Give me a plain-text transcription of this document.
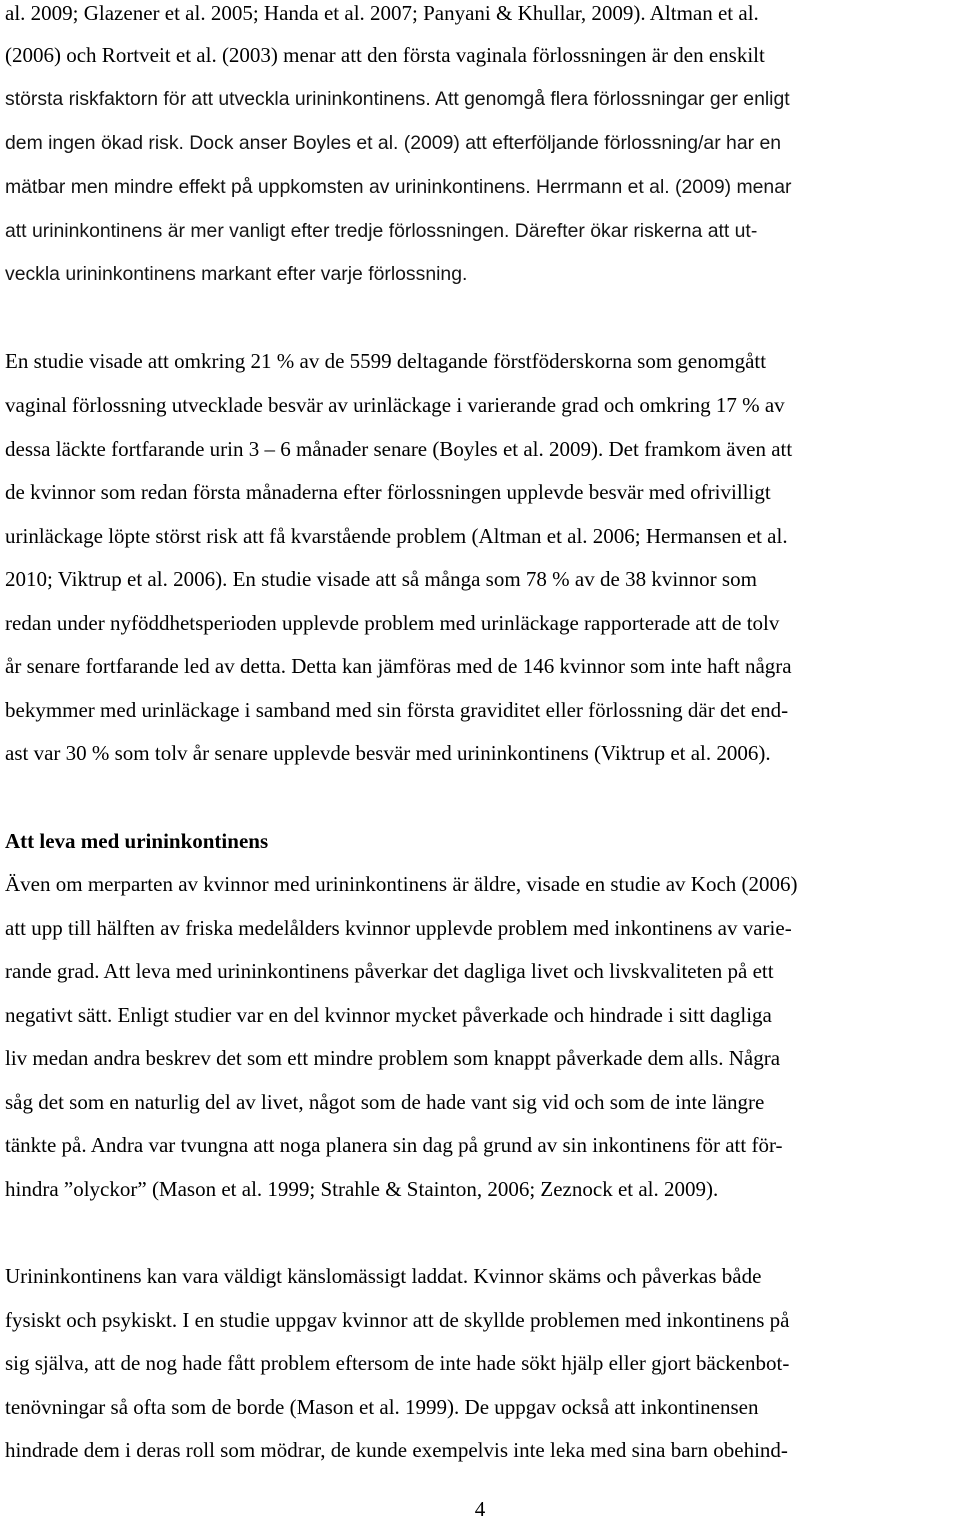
al. 2009; Glazener et al. 2005; Handa et al. 2007; Panyani & Khullar, 2009). Altman et al.
(2006) och Rortveit et al. (2003) menar att den första vaginala förlossningen är den enskilt
största riskfaktorn för att utveckla urininkontinens. Att genomgå flera förlossningar ger enligt
dem ingen ökad risk. Dock anser Boyles et al. (2009) att efterföljande förlossning/ar har en
mätbar men mindre effekt på uppkomsten av urininkontinens. Herrmann et al. (2009) menar
att urininkontinens är mer vanligt efter tredje förlossningen. Därefter ökar riskerna att ut-
veckla urininkontinens markant efter varje förlossning.
En studie visade att omkring 21 % av de 5599 deltagande förstföderskorna som genomgått
vaginal förlossning utvecklade besvär av urinläckage i varierande grad och omkring 17 % av
dessa läckte fortfarande urin 3 – 6 månader senare (Boyles et al. 2009). Det framkom även att
de kvinnor som redan första månaderna efter förlossningen upplevde besvär med ofrivilligt
urinläckage löpte störst risk att få kvarstående problem (Altman et al. 2006; Hermansen et al.
2010; Viktrup et al. 2006). En studie visade att så många som 78 % av de 38 kvinnor som
redan under nyföddhetsperioden upplevde problem med urinläckage rapporterade att de tolv
år senare fortfarande led av detta. Detta kan jämföras med de 146 kvinnor som inte haft några
bekymmer med urinläckage i samband med sin första graviditet eller förlossning där det end-
ast var 30 % som tolv år senare upplevde besvär med urininkontinens (Viktrup et al. 2006).
Att leva med urininkontinens
Även om merparten av kvinnor med urininkontinens är äldre, visade en studie av Koch (2006)
att upp till hälften av friska medelålders kvinnor upplevde problem med inkontinens av varie-
rande grad. Att leva med urininkontinens påverkar det dagliga livet och livskvaliteten på ett
negativt sätt. Enligt studier var en del kvinnor mycket påverkade och hindrade i sitt dagliga
liv medan andra beskrev det som ett mindre problem som knappt påverkade dem alls. Några
såg det som en naturlig del av livet, något som de hade vant sig vid och som de inte längre
tänkte på. Andra var tvungna att noga planera sin dag på grund av sin inkontinens för att för-
hindra ”olyckor” (Mason et al. 1999; Strahle & Stainton, 2006; Zeznock et al. 2009).
Urininkontinens kan vara väldigt känslomässigt laddat. Kvinnor skäms och påverkas både
fysiskt och psykiskt. I en studie uppgav kvinnor att de skyllde problemen med inkontinens på
sig själva, att de nog hade fått problem eftersom de inte hade sökt hjälp eller gjort bäckenbot-
tenövningar så ofta som de borde (Mason et al. 1999). De uppgav också att inkontinensen
hindrade dem i deras roll som mödrar, de kunde exempelvis inte leka med sina barn obehind-
4
